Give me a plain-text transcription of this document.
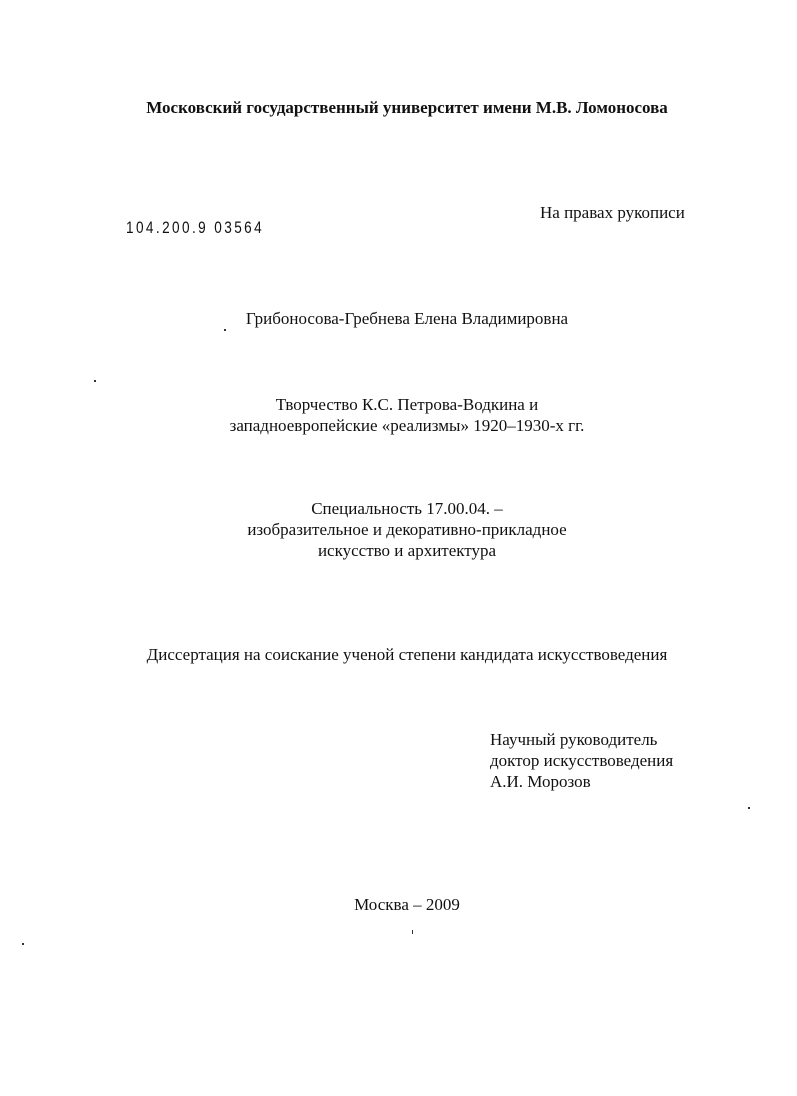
Московский государственный университет имени М.В. Ломоносова
104.200.9 03564
На правах рукописи
Грибоносова-Гребнева Елена Владимировна
Творчество К.С. Петрова-Водкина и
западноевропейские «реализмы» 1920–1930-х гг.
Специальность 17.00.04. –
изобразительное и декоративно-прикладное
искусство и архитектура
Диссертация на соискание ученой степени кандидата искусствоведения
Научный руководитель
доктор искусствоведения
А.И. Морозов
Москва – 2009
